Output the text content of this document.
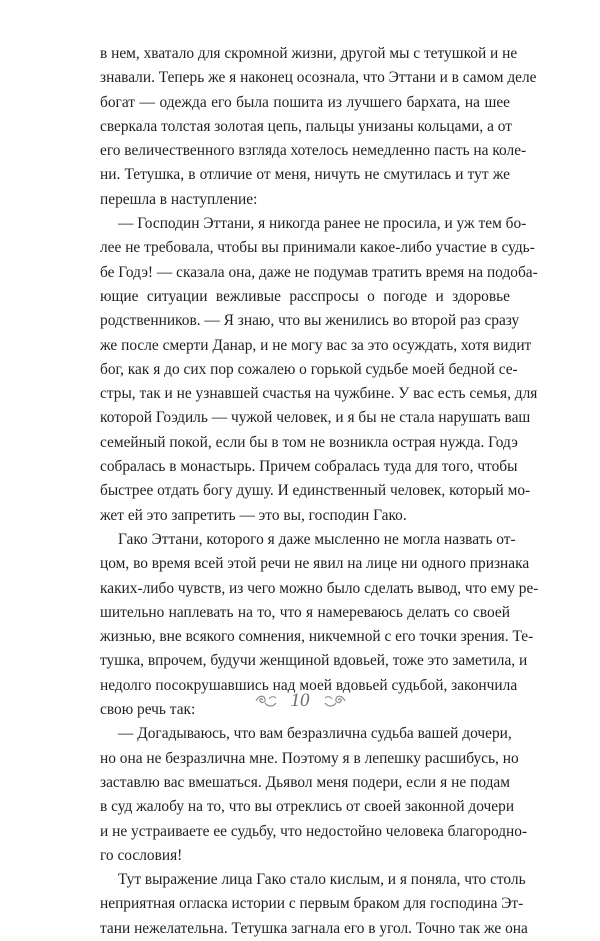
в нем, хватало для скромной жизни, другой мы с тетушкой и не
знавали. Теперь же я наконец осознала, что Эттани и в самом деле
богат — одежда его была пошита из лучшего бархата, на шее
сверкала толстая золотая цепь, пальцы унизаны кольцами, а от
его величественного взгляда хотелось немедленно пасть на коле-
ни. Тетушка, в отличие от меня, ничуть не смутилась и тут же
перешла в наступление:
— Господин Эттани, я никогда ранее не просила, и уж тем бо-
лее не требовала, чтобы вы принимали какое-либо участие в судь-
бе Годэ! — сказала она, даже не подумав тратить время на подоба-
ющие ситуации вежливые расспросы о погоде и здоровье
родственников. — Я знаю, что вы женились во второй раз сразу
же после смерти Данар, и не могу вас за это осуждать, хотя видит
бог, как я до сих пор сожалею о горькой судьбе моей бедной се-
стры, так и не узнавшей счастья на чужбине. У вас есть семья, для
которой Гоэдиль — чужой человек, и я бы не стала нарушать ваш
семейный покой, если бы в том не возникла острая нужда. Годэ
собралась в монастырь. Причем собралась туда для того, чтобы
быстрее отдать богу душу. И единственный человек, который мо-
жет ей это запретить — это вы, господин Гако.
Гако Эттани, которого я даже мысленно не могла назвать от-
цом, во время всей этой речи не явил на лице ни одного признака
каких-либо чувств, из чего можно было сделать вывод, что ему ре-
шительно наплевать на то, что я намереваюсь делать со своей
жизнью, вне всякого сомнения, никчемной с его точки зрения. Те-
тушка, впрочем, будучи женщиной вдовьей, тоже это заметила, и
недолго посокрушавшись над моей вдовьей судьбой, закончила
свою речь так:
— Догадываюсь, что вам безразлична судьба вашей дочери,
но она не безразлична мне. Поэтому я в лепешку расшибусь, но
заставлю вас вмешаться. Дьявол меня подери, если я не подам
в суд жалобу на то, что вы отреклись от своей законной дочери
и не устраиваете ее судьбу, что недостойно человека благородно-
го сословия!
Тут выражение лица Гако стало кислым, и я поняла, что столь
неприятная огласка истории с первым браком для господина Эт-
тани нежелательна. Тетушка загнала его в угол. Точно так же она
10
